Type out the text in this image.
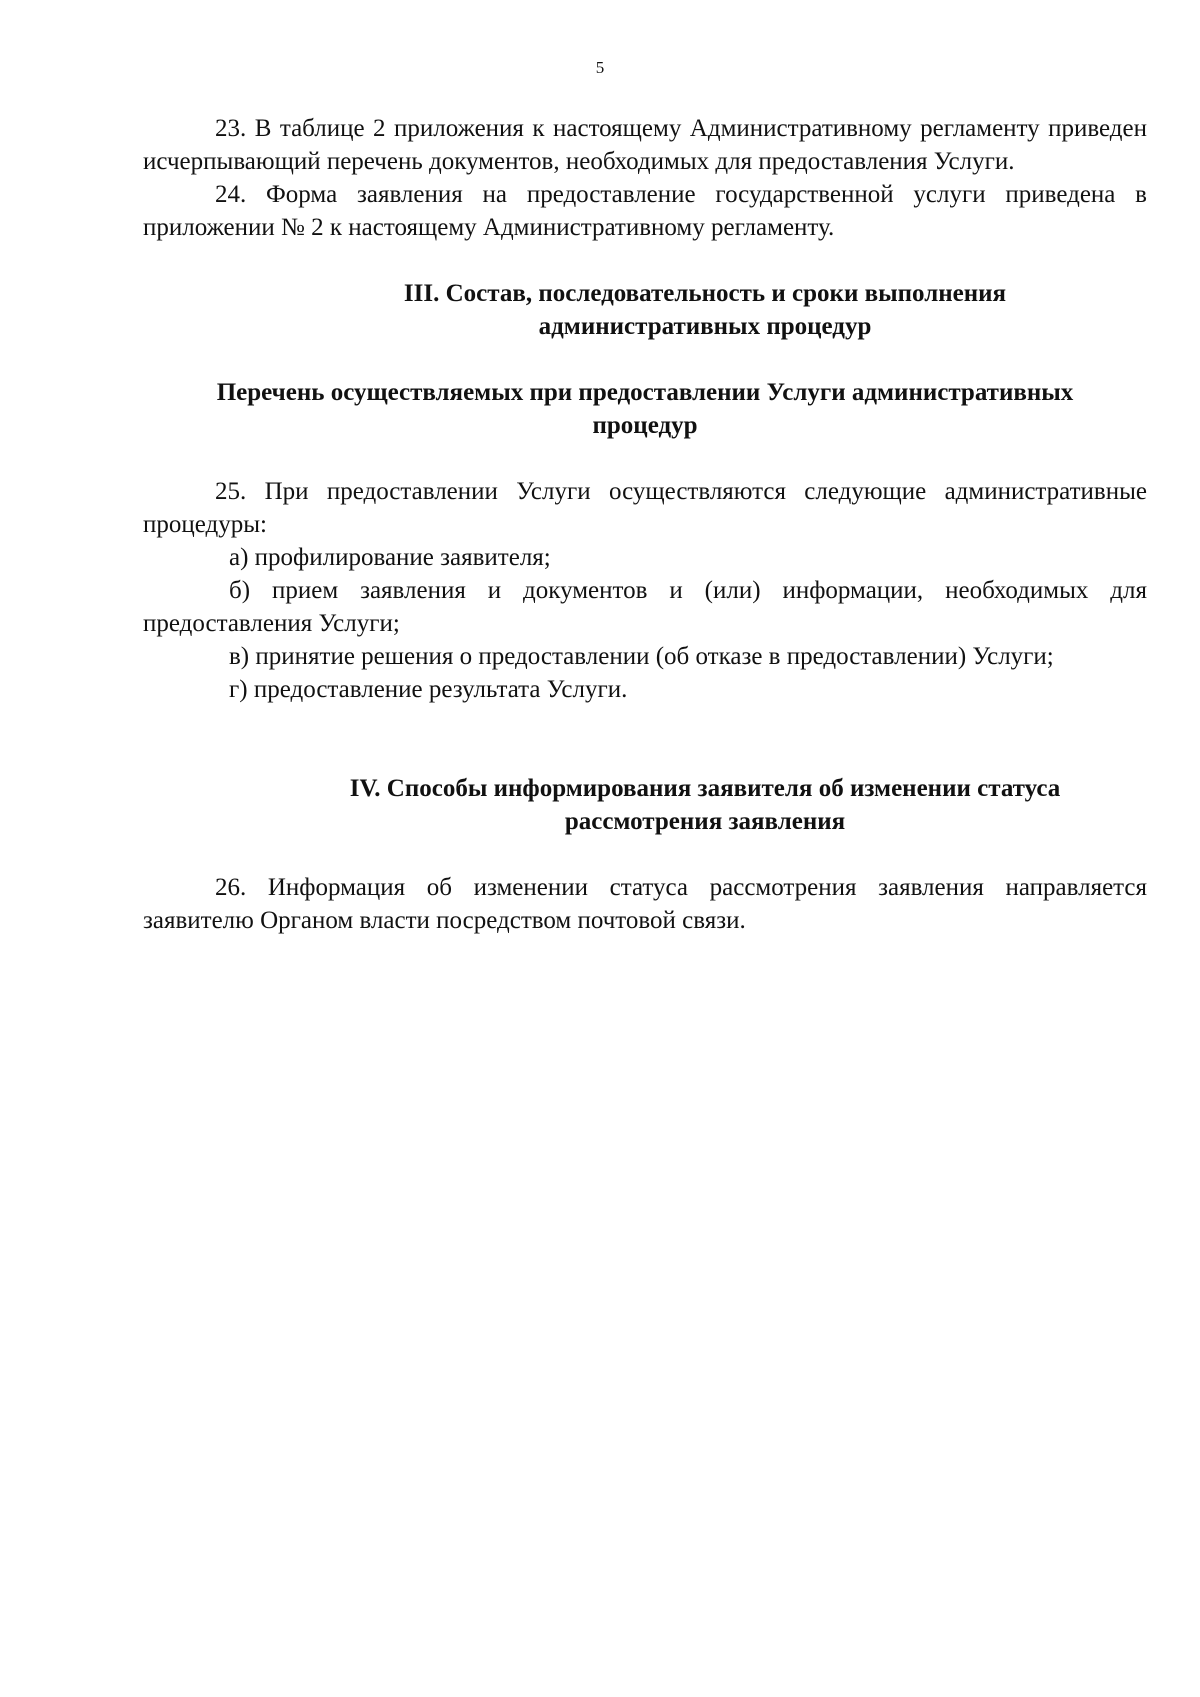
5

23. В таблице 2 приложения к настоящему Административному регламенту приведен исчерпывающий перечень документов, необходимых для предоставления Услуги.

24. Форма заявления на предоставление государственной услуги приведена в приложении № 2 к настоящему Административному регламенту.

III. Состав, последовательность и сроки выполнения
административных процедур
Перечень осуществляемых при предоставлении Услуги административных
процедур

25. При предоставлении Услуги осуществляются следующие административные процедуры:

а) профилирование заявителя;

б) прием заявления и документов и (или) информации, необходимых для предоставления Услуги;

в) принятие решения о предоставлении (об отказе в предоставлении) Услуги;

г) предоставление результата Услуги.

IV. Способы информирования заявителя об изменении статуса
рассмотрения заявления

26. Информация об изменении статуса рассмотрения заявления направляется заявителю Органом власти посредством почтовой связи.
